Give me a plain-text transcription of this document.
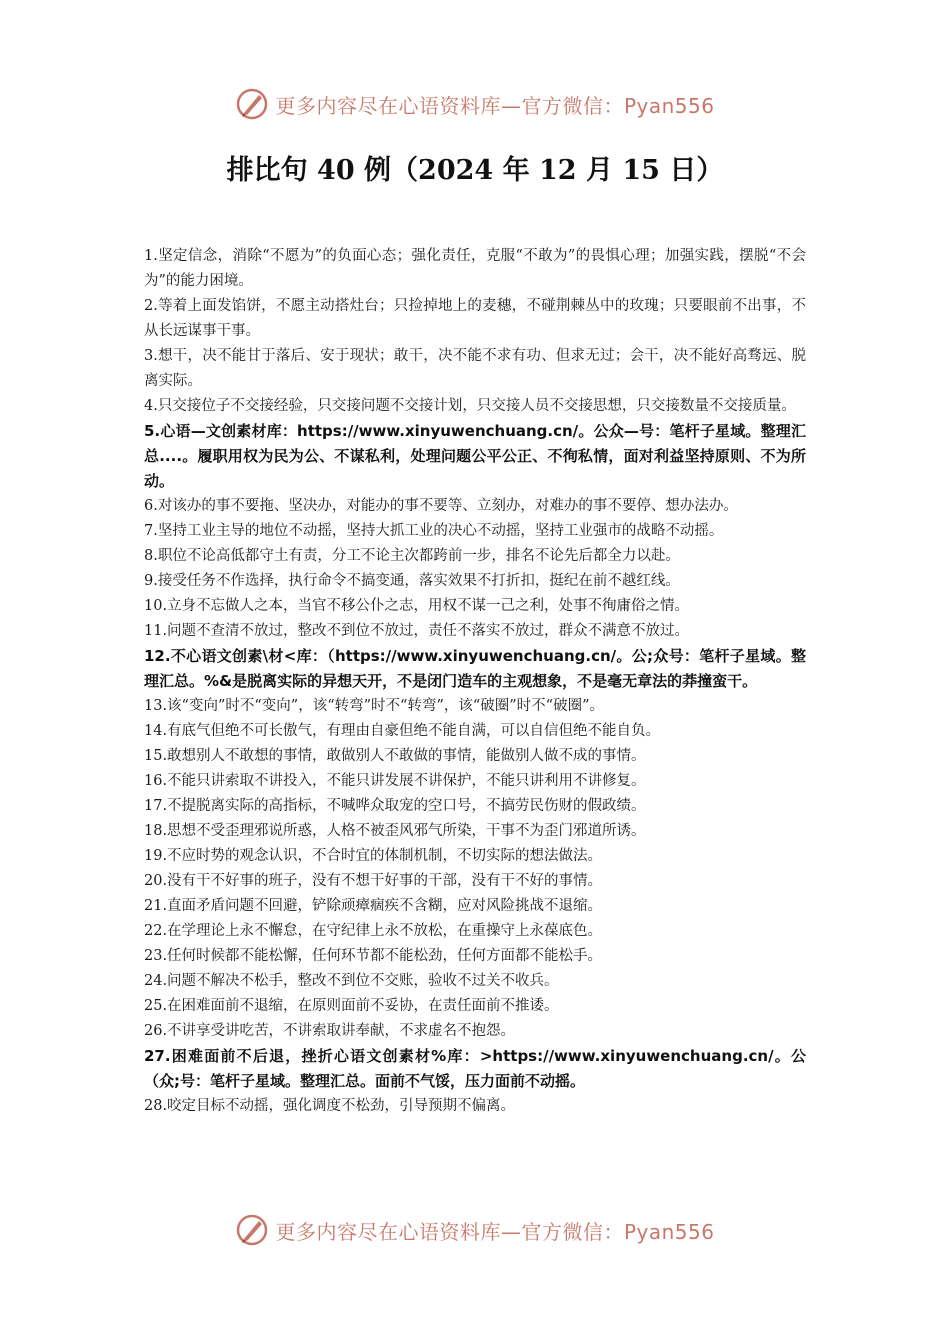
更多内容尽在心语资料库—官方微信：Pyan556
排比句 40 例（2024 年 12 月 15 日）

1.坚定信念，消除“不愿为”的负面心态；强化责任，克服“不敢为”的畏惧心理；加强实践，摆脱“不会为”的能力困境。

2.等着上面发馅饼，不愿主动搭灶台；只捡掉地上的麦穗，不碰荆棘丛中的玫瑰；只要眼前不出事，不从长远谋事干事。

3.想干，决不能甘于落后、安于现状；敢干，决不能不求有功、但求无过；会干，决不能好高骛远、脱离实际。

4.只交接位子不交接经验，只交接问题不交接计划，只交接人员不交接思想，只交接数量不交接质量。

5.心语—文创素材库：https://www.xinyuwenchuang.cn/。公众—号：笔杆子星域。整理汇总....。履职用权为民为公、不谋私利，处理问题公平公正、不徇私情，面对利益坚持原则、不为所动。

6.对该办的事不要拖、坚决办，对能办的事不要等、立刻办，对难办的事不要停、想办法办。

7.坚持工业主导的地位不动摇，坚持大抓工业的决心不动摇，坚持工业强市的战略不动摇。

8.职位不论高低都守土有责，分工不论主次都跨前一步，排名不论先后都全力以赴。

9.接受任务不作选择，执行命令不搞变通，落实效果不打折扣，挺纪在前不越红线。

10.立身不忘做人之本，当官不移公仆之志，用权不谋一己之利，处事不徇庸俗之情。

11.问题不查清不放过，整改不到位不放过，责任不落实不放过，群众不满意不放过。

12.不心语文创素\材<库：（https://www.xinyuwenchuang.cn/。公;众号：笔杆子星域。整理汇总。%&是脱离实际的异想天开，不是闭门造车的主观想象，不是毫无章法的莽撞蛮干。

13.该“变向”时不“变向”，该“转弯”时不“转弯”，该“破圈”时不“破圈”。

14.有底气但绝不可长傲气，有理由自豪但绝不能自满，可以自信但绝不能自负。

15.敢想别人不敢想的事情，敢做别人不敢做的事情，能做别人做不成的事情。

16.不能只讲索取不讲投入，不能只讲发展不讲保护，不能只讲利用不讲修复。

17.不提脱离实际的高指标，不喊哗众取宠的空口号，不搞劳民伤财的假政绩。

18.思想不受歪理邪说所惑，人格不被歪风邪气所染，干事不为歪门邪道所诱。

19.不应时势的观念认识，不合时宜的体制机制，不切实际的想法做法。

20.没有干不好事的班子，没有不想干好事的干部，没有干不好的事情。

21.直面矛盾问题不回避，铲除顽瘴痼疾不含糊，应对风险挑战不退缩。

22.在学理论上永不懈怠，在守纪律上永不放松，在重操守上永葆底色。

23.任何时候都不能松懈，任何环节都不能松劲，任何方面都不能松手。

24.问题不解决不松手，整改不到位不交账，验收不过关不收兵。

25.在困难面前不退缩，在原则面前不妥协，在责任面前不推诿。

26.不讲享受讲吃苦，不讲索取讲奉献，不求虚名不抱怨。

27.困难面前不后退，挫折心语文创素材%库：>https://www.xinyuwenchuang.cn/。公（众;号：笔杆子星域。整理汇总。面前不气馁，压力面前不动摇。

28.咬定目标不动摇，强化调度不松劲，引导预期不偏离。

更多内容尽在心语资料库—官方微信：Pyan556
